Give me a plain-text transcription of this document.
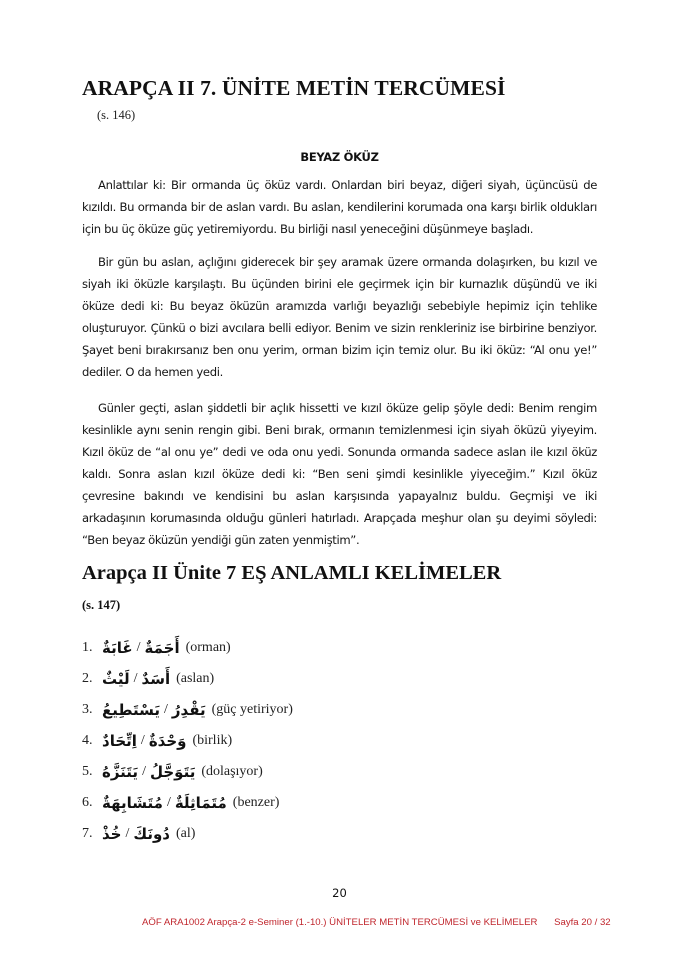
ARAPÇA II 7. ÜNİTE METİN TERCÜMESİ
(s. 146)
BEYAZ ÖKÜZ

Anlattılar ki: Bir ormanda üç öküz vardı. Onlardan biri beyaz, diğeri siyah, üçüncüsü de kızıldı. Bu ormanda bir de aslan vardı. Bu aslan, kendilerini korumada ona karşı birlik oldukları için bu üç öküze güç yetiremiyordu. Bu birliği nasıl yeneceğini düşünmeye başladı.

Bir gün bu aslan, açlığını giderecek bir şey aramak üzere ormanda dolaşırken, bu kızıl ve siyah iki öküzle karşılaştı. Bu üçünden birini ele geçirmek için bir kurnazlık düşündü ve iki öküze dedi ki: Bu beyaz öküzün aramızda varlığı beyazlığı sebebiyle hepimiz için tehlike oluşturuyor. Çünkü o bizi avcılara belli ediyor. Benim ve sizin renkleriniz ise birbirine benziyor. Şayet beni bırakırsanız ben onu yerim, orman bizim için temiz olur. Bu iki öküz: “Al onu ye!” dediler. O da hemen yedi.

Günler geçti, aslan şiddetli bir açlık hissetti ve kızıl öküze gelip şöyle dedi: Benim rengim kesinlikle aynı senin rengin gibi. Beni bırak, ormanın temizlenmesi için siyah öküzü yiyeyim. Kızıl öküz de “al onu ye” dedi ve oda onu yedi. Sonunda ormanda sadece aslan ile kızıl öküz kaldı. Sonra aslan kızıl öküze dedi ki: “Ben seni şimdi kesinlikle yiyeceğim.” Kızıl öküz çevresine bakındı ve kendisini bu aslan karşısında yapayalnız buldu. Geçmişi ve iki arkadaşının korumasında olduğu günleri hatırladı. Arapçada meşhur olan şu deyimi söyledi: “Ben beyaz öküzün yendiği gün zaten yenmiştim”.

Arapça II Ünite 7 EŞ ANLAMLI KELİMELER
(s. 147)
1. غَابَةٌ / أَجَمَةٌ (orman)
2. لَيْثٌ / أَسَدٌ (aslan)
3. يَسْتَطِيعُ / يَقْدِرُ (güç yetiriyor)
4. اِتِّحَادٌ / وَحْدَةٌ (birlik)
5. يَتَنَزَّهُ / يَتَوَجَّلُ (dolaşıyor)
6. مُتَشَابِهَةٌ / مُتَمَاثِلَةٌ (benzer)
7. خُذْ / دُونَكَ (al)
20
AÖF ARA1002 Arapça-2 e-Seminer (1.-10.) ÜNİTELER METİN TERCÜMESİ ve KELİMELER Sayfa 20 / 32
